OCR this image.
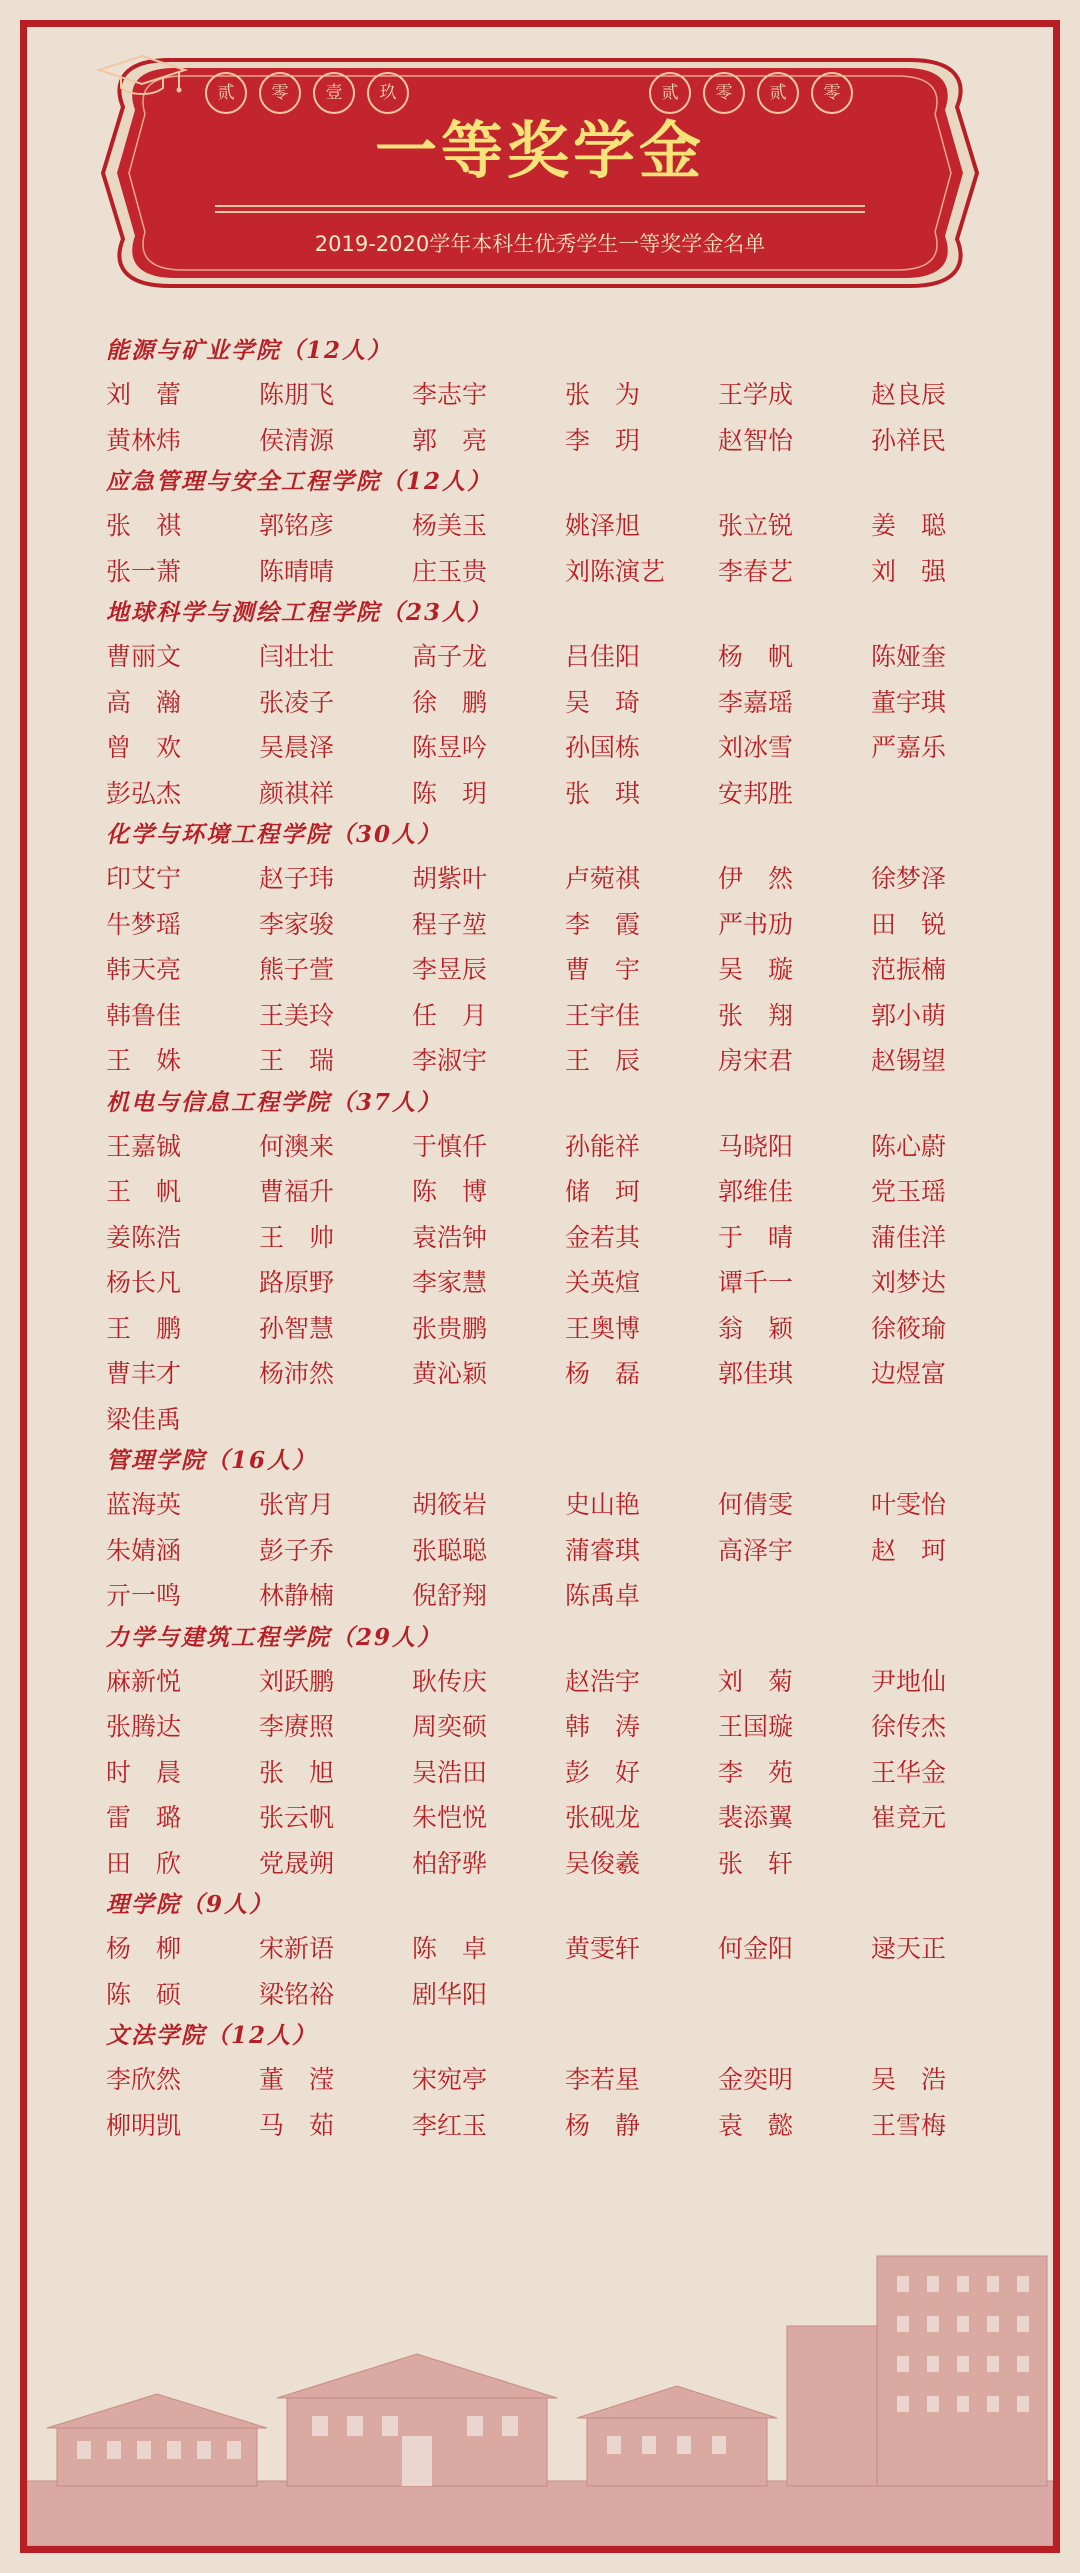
贰	零	壹	玖	贰	零	贰	零
一等奖学金
2019-2020学年本科生优秀学生一等奖学金名单
能源与矿业学院（12人）
刘　蕾	陈朋飞	李志宇	张　为	王学成	赵良辰
黄林炜	侯清源	郭　亮	李　玥	赵智怡	孙祥民
应急管理与安全工程学院（12人）
张　祺	郭铭彦	杨美玉	姚泽旭	张立锐	姜　聪
张一萧	陈晴晴	庄玉贵	刘陈演艺	李春艺	刘　强
地球科学与测绘工程学院（23人）
曹丽文	闫壮壮	高子龙	吕佳阳	杨　帆	陈娅奎
高　瀚	张凌子	徐　鹏	吴　琦	李嘉瑶	董宇琪
曾　欢	吴晨泽	陈昱吟	孙国栋	刘冰雪	严嘉乐
彭弘杰	颜祺祥	陈　玥	张　琪	安邦胜
化学与环境工程学院（30人）
印艾宁	赵子玮	胡紫叶	卢菀祺	伊　然	徐梦泽
牛梦瑶	李家骏	程子堃	李　霞	严书劢	田　锐
韩天亮	熊子萱	李昱辰	曹　宇	吴　璇	范振楠
韩鲁佳	王美玲	任　月	王宇佳	张　翔	郭小萌
王　姝	王　瑞	李淑宇	王　辰	房宋君	赵锡望
机电与信息工程学院（37人）
王嘉铖	何澳来	于慎仟	孙能祥	马晓阳	陈心蔚
王　帆	曹福升	陈　博	储　珂	郭维佳	党玉瑶
姜陈浩	王　帅	袁浩钟	金若其	于　晴	蒲佳洋
杨长凡	路原野	李家慧	关英煊	谭千一	刘梦达
王　鹏	孙智慧	张贵鹏	王奥博	翁　颖	徐筱瑜
曹丰才	杨沛然	黄沁颖	杨　磊	郭佳琪	边煜富
梁佳禹
管理学院（16人）
蓝海英	张宵月	胡筱岩	史山艳	何倩雯	叶雯怡
朱婧涵	彭子乔	张聪聪	蒲睿琪	高泽宇	赵　珂
亓一鸣	林静楠	倪舒翔	陈禹卓
力学与建筑工程学院（29人）
麻新悦	刘跃鹏	耿传庆	赵浩宇	刘　菊	尹地仙
张腾达	李赓照	周奕硕	韩　涛	王国璇	徐传杰
时　晨	张　旭	吴浩田	彭　好	李　苑	王华金
雷　璐	张云帆	朱恺悦	张砚龙	裴添翼	崔竞元
田　欣	党晟朔	柏舒骅	吴俊羲	张　轩
理学院（9人）
杨　柳	宋新语	陈　卓	黄雯轩	何金阳	逯天正
陈　硕	梁铭裕	剧华阳
文法学院（12人）
李欣然	董　滢	宋宛亭	李若星	金奕明	吴　浩
柳明凯	马　茹	李红玉	杨　静	袁　懿	王雪梅
